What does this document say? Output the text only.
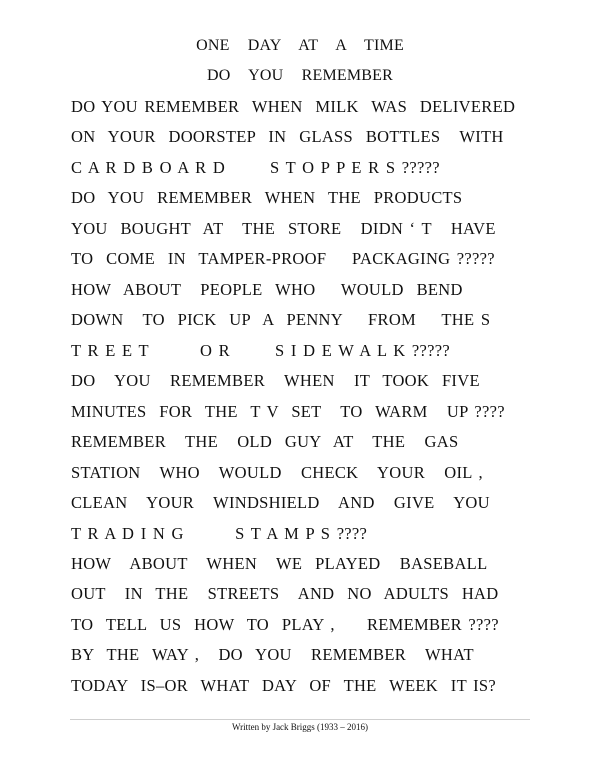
ONE DAY AT A TIME
DO YOU REMEMBER
DO YOU REMEMBER  WHEN  MILK  WAS  DELIVERED
ON  YOUR  DOORSTEP  IN  GLASS  BOTTLES   WITH
C A R D B O A R D       S T O P P E R S ?????
DO  YOU  REMEMBER  WHEN  THE  PRODUCTS
YOU  BOUGHT  AT   THE  STORE   DIDN ‘ T   HAVE
TO  COME  IN  TAMPER-PROOF    PACKAGING ?????
HOW  ABOUT   PEOPLE  WHO    WOULD  BEND
DOWN   TO  PICK  UP  A  PENNY    FROM    THE S
T R E E T        O R       S I D E W A L K ?????
DO   YOU   REMEMBER   WHEN   IT  TOOK  FIVE
MINUTES  FOR  THE  T V  SET   TO  WARM   UP ????
REMEMBER   THE   OLD  GUY  AT   THE   GAS
STATION   WHO   WOULD   CHECK   YOUR   OIL ,
CLEAN   YOUR   WINDSHIELD   AND   GIVE   YOU
T R A D I N G        S T A M P S ????
HOW   ABOUT   WHEN   WE  PLAYED   BASEBALL
OUT   IN  THE   STREETS   AND  NO  ADULTS  HAD
TO  TELL  US  HOW  TO  PLAY ,     REMEMBER ????
BY  THE  WAY ,   DO  YOU   REMEMBER   WHAT
TODAY  IS–OR  WHAT  DAY  OF  THE  WEEK  IT IS?
Written by Jack Briggs (1933 – 2016)
